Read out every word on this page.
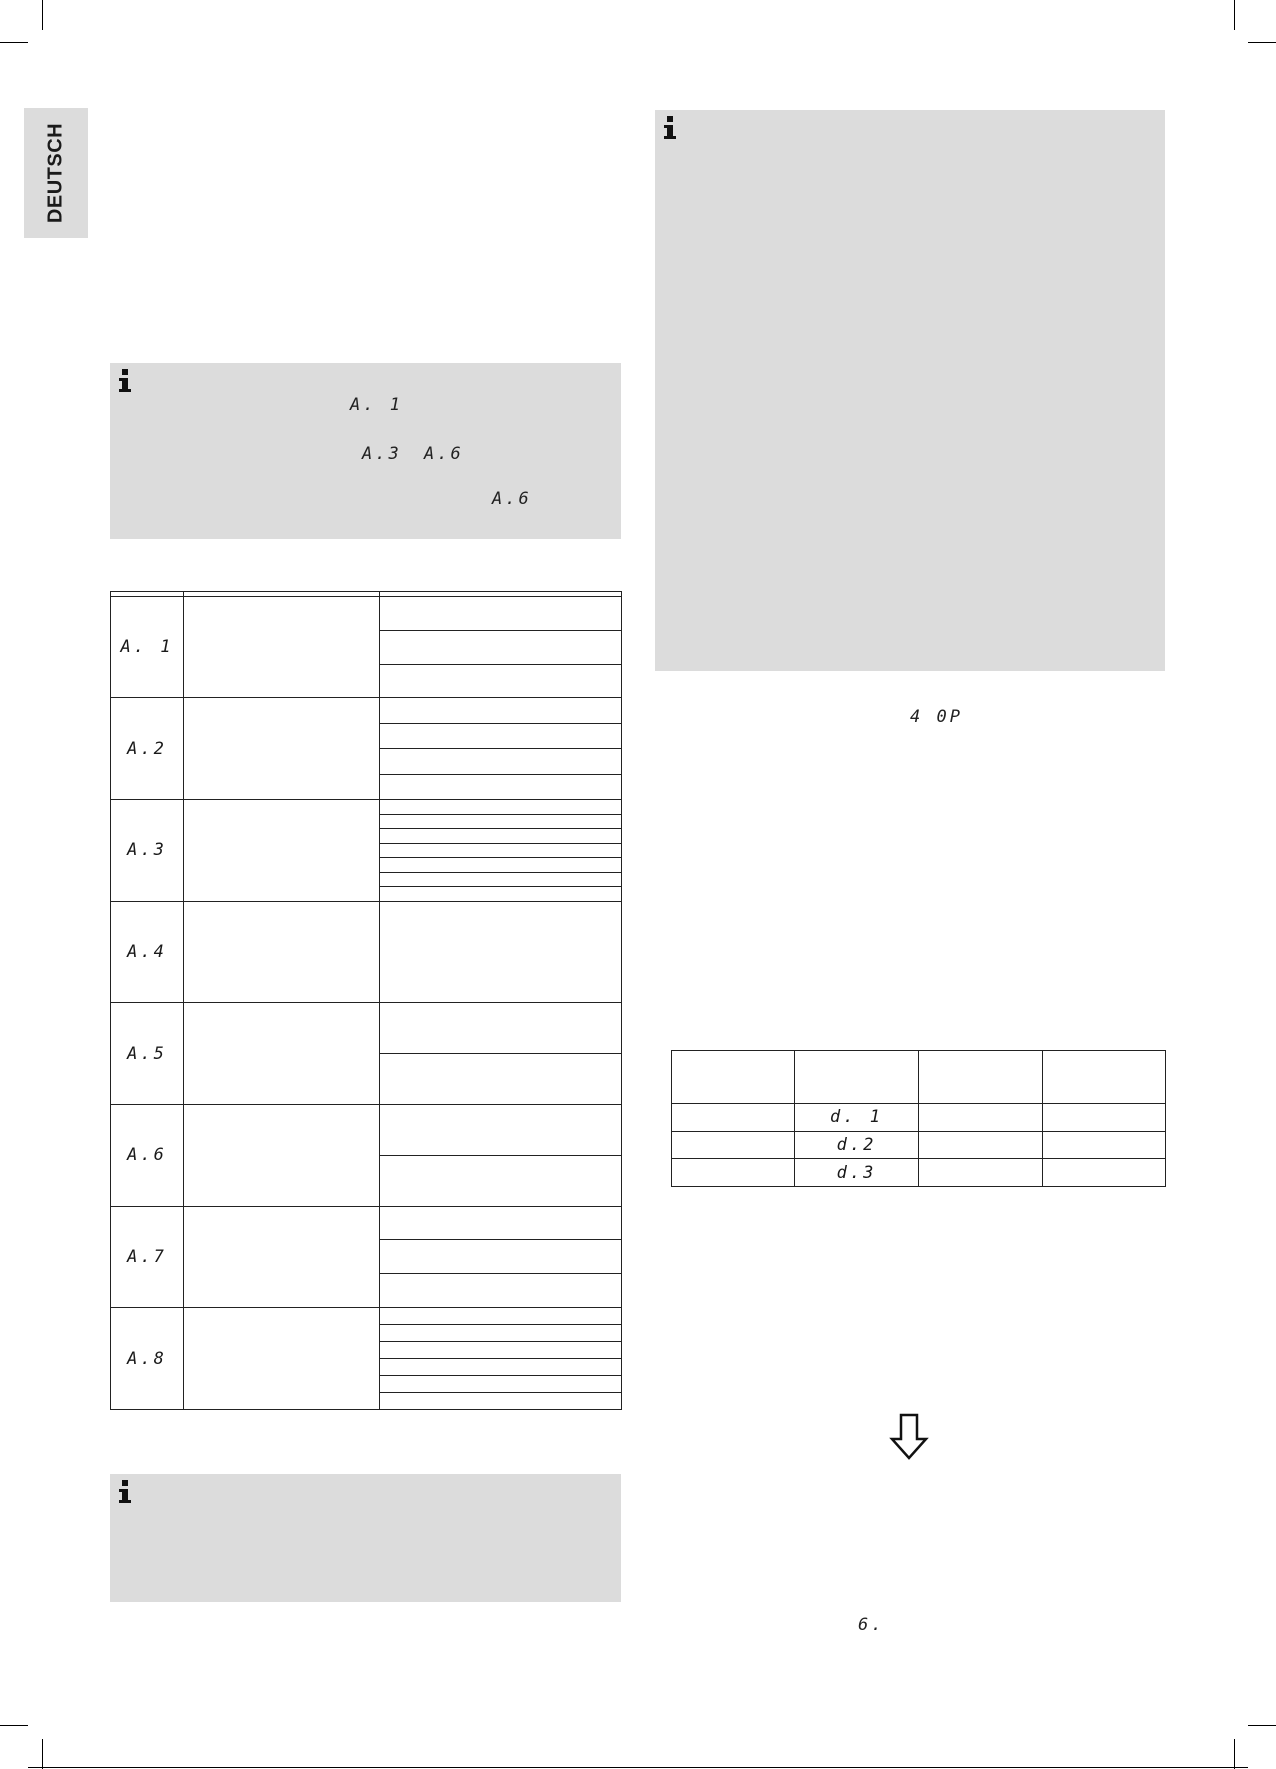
DEUTSCH
A. 1
A.3 A.6
A.6

A. 1		

A.2		

A.3		

A.4		
A.5		

A.6		

A.7		

A.8		

4 0P

	d. 1		
	d.2		
	d.3		
6.
